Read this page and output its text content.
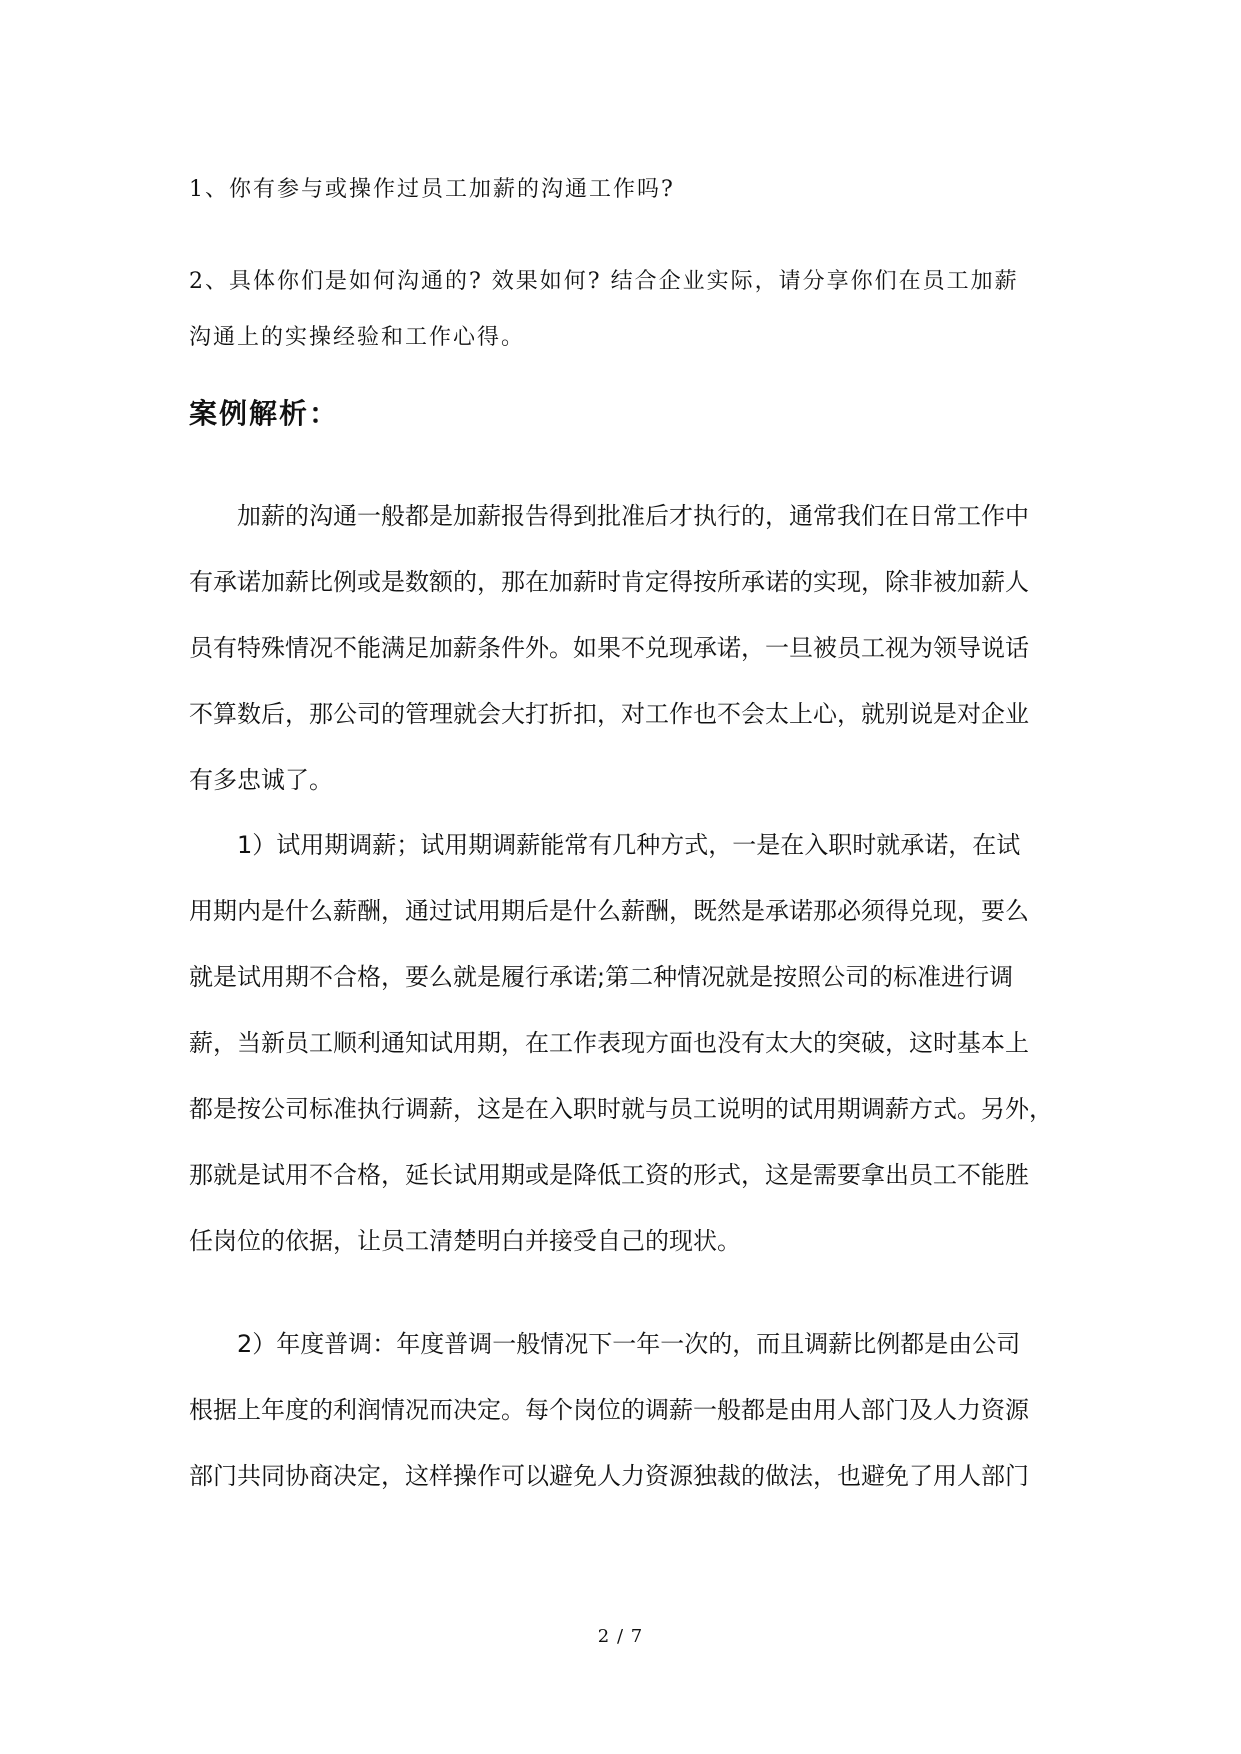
1、你有参与或操作过员工加薪的沟通工作吗?
2、具体你们是如何沟通的? 效果如何? 结合企业实际，请分享你们在员工加薪
沟通上的实操经验和工作心得。
案例解析：
加薪的沟通一般都是加薪报告得到批准后才执行的，通常我们在日常工作中
有承诺加薪比例或是数额的，那在加薪时肯定得按所承诺的实现，除非被加薪人
员有特殊情况不能满足加薪条件外。如果不兑现承诺，一旦被员工视为领导说话
不算数后，那公司的管理就会大打折扣，对工作也不会太上心，就别说是对企业
有多忠诚了。
1）试用期调薪；试用期调薪能常有几种方式，一是在入职时就承诺，在试
用期内是什么薪酬，通过试用期后是什么薪酬，既然是承诺那必须得兑现，要么
就是试用期不合格，要么就是履行承诺;第二种情况就是按照公司的标准进行调
薪，当新员工顺利通知试用期，在工作表现方面也没有太大的突破，这时基本上
都是按公司标准执行调薪，这是在入职时就与员工说明的试用期调薪方式。另外，
那就是试用不合格，延长试用期或是降低工资的形式，这是需要拿出员工不能胜
任岗位的依据，让员工清楚明白并接受自己的现状。
2）年度普调：年度普调一般情况下一年一次的，而且调薪比例都是由公司
根据上年度的利润情况而决定。每个岗位的调薪一般都是由用人部门及人力资源
部门共同协商决定，这样操作可以避免人力资源独裁的做法，也避免了用人部门
2 / 7
